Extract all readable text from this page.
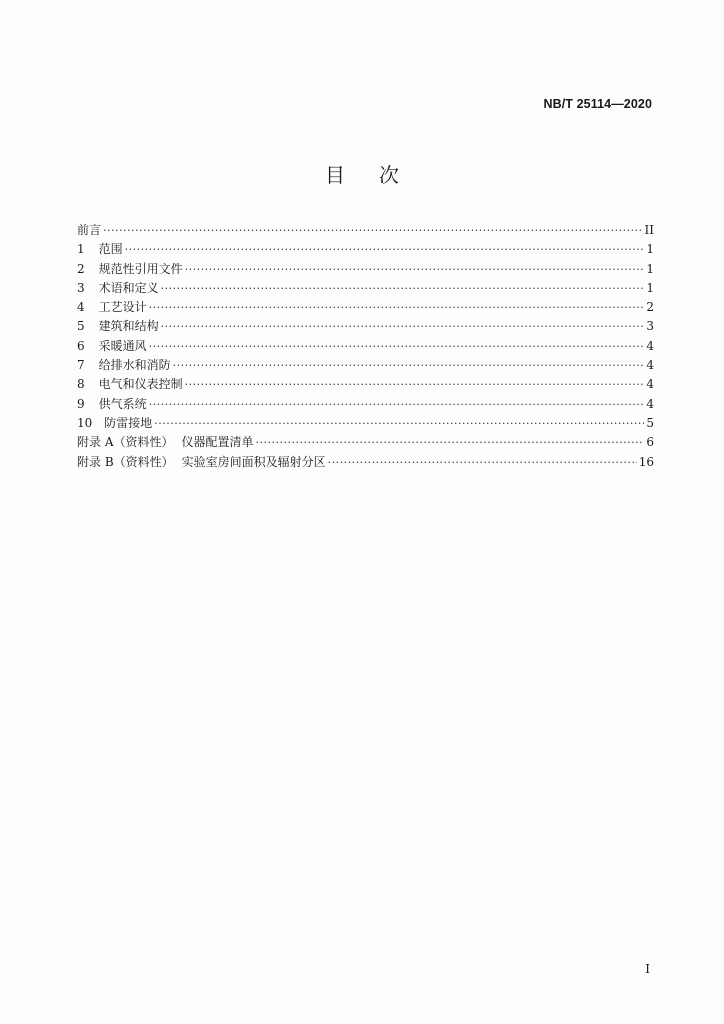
NB/T 25114—2020
目次
前言 ·····	II
1 范围 ·····	1
2 规范性引用文件 ·····	1
3 术语和定义 ·····	1
4 工艺设计 ·····	2
5 建筑和结构 ·····	3
6 采暖通风 ·····	4
7 给排水和消防 ·····	4
8 电气和仪表控制 ·····	4
9 供气系统 ·····	4
10 防雷接地 ·····	5
附录 A（资料性） 仪器配置清单 ·····	6
附录 B（资料性） 实验室房间面积及辐射分区 ·····	16
I
